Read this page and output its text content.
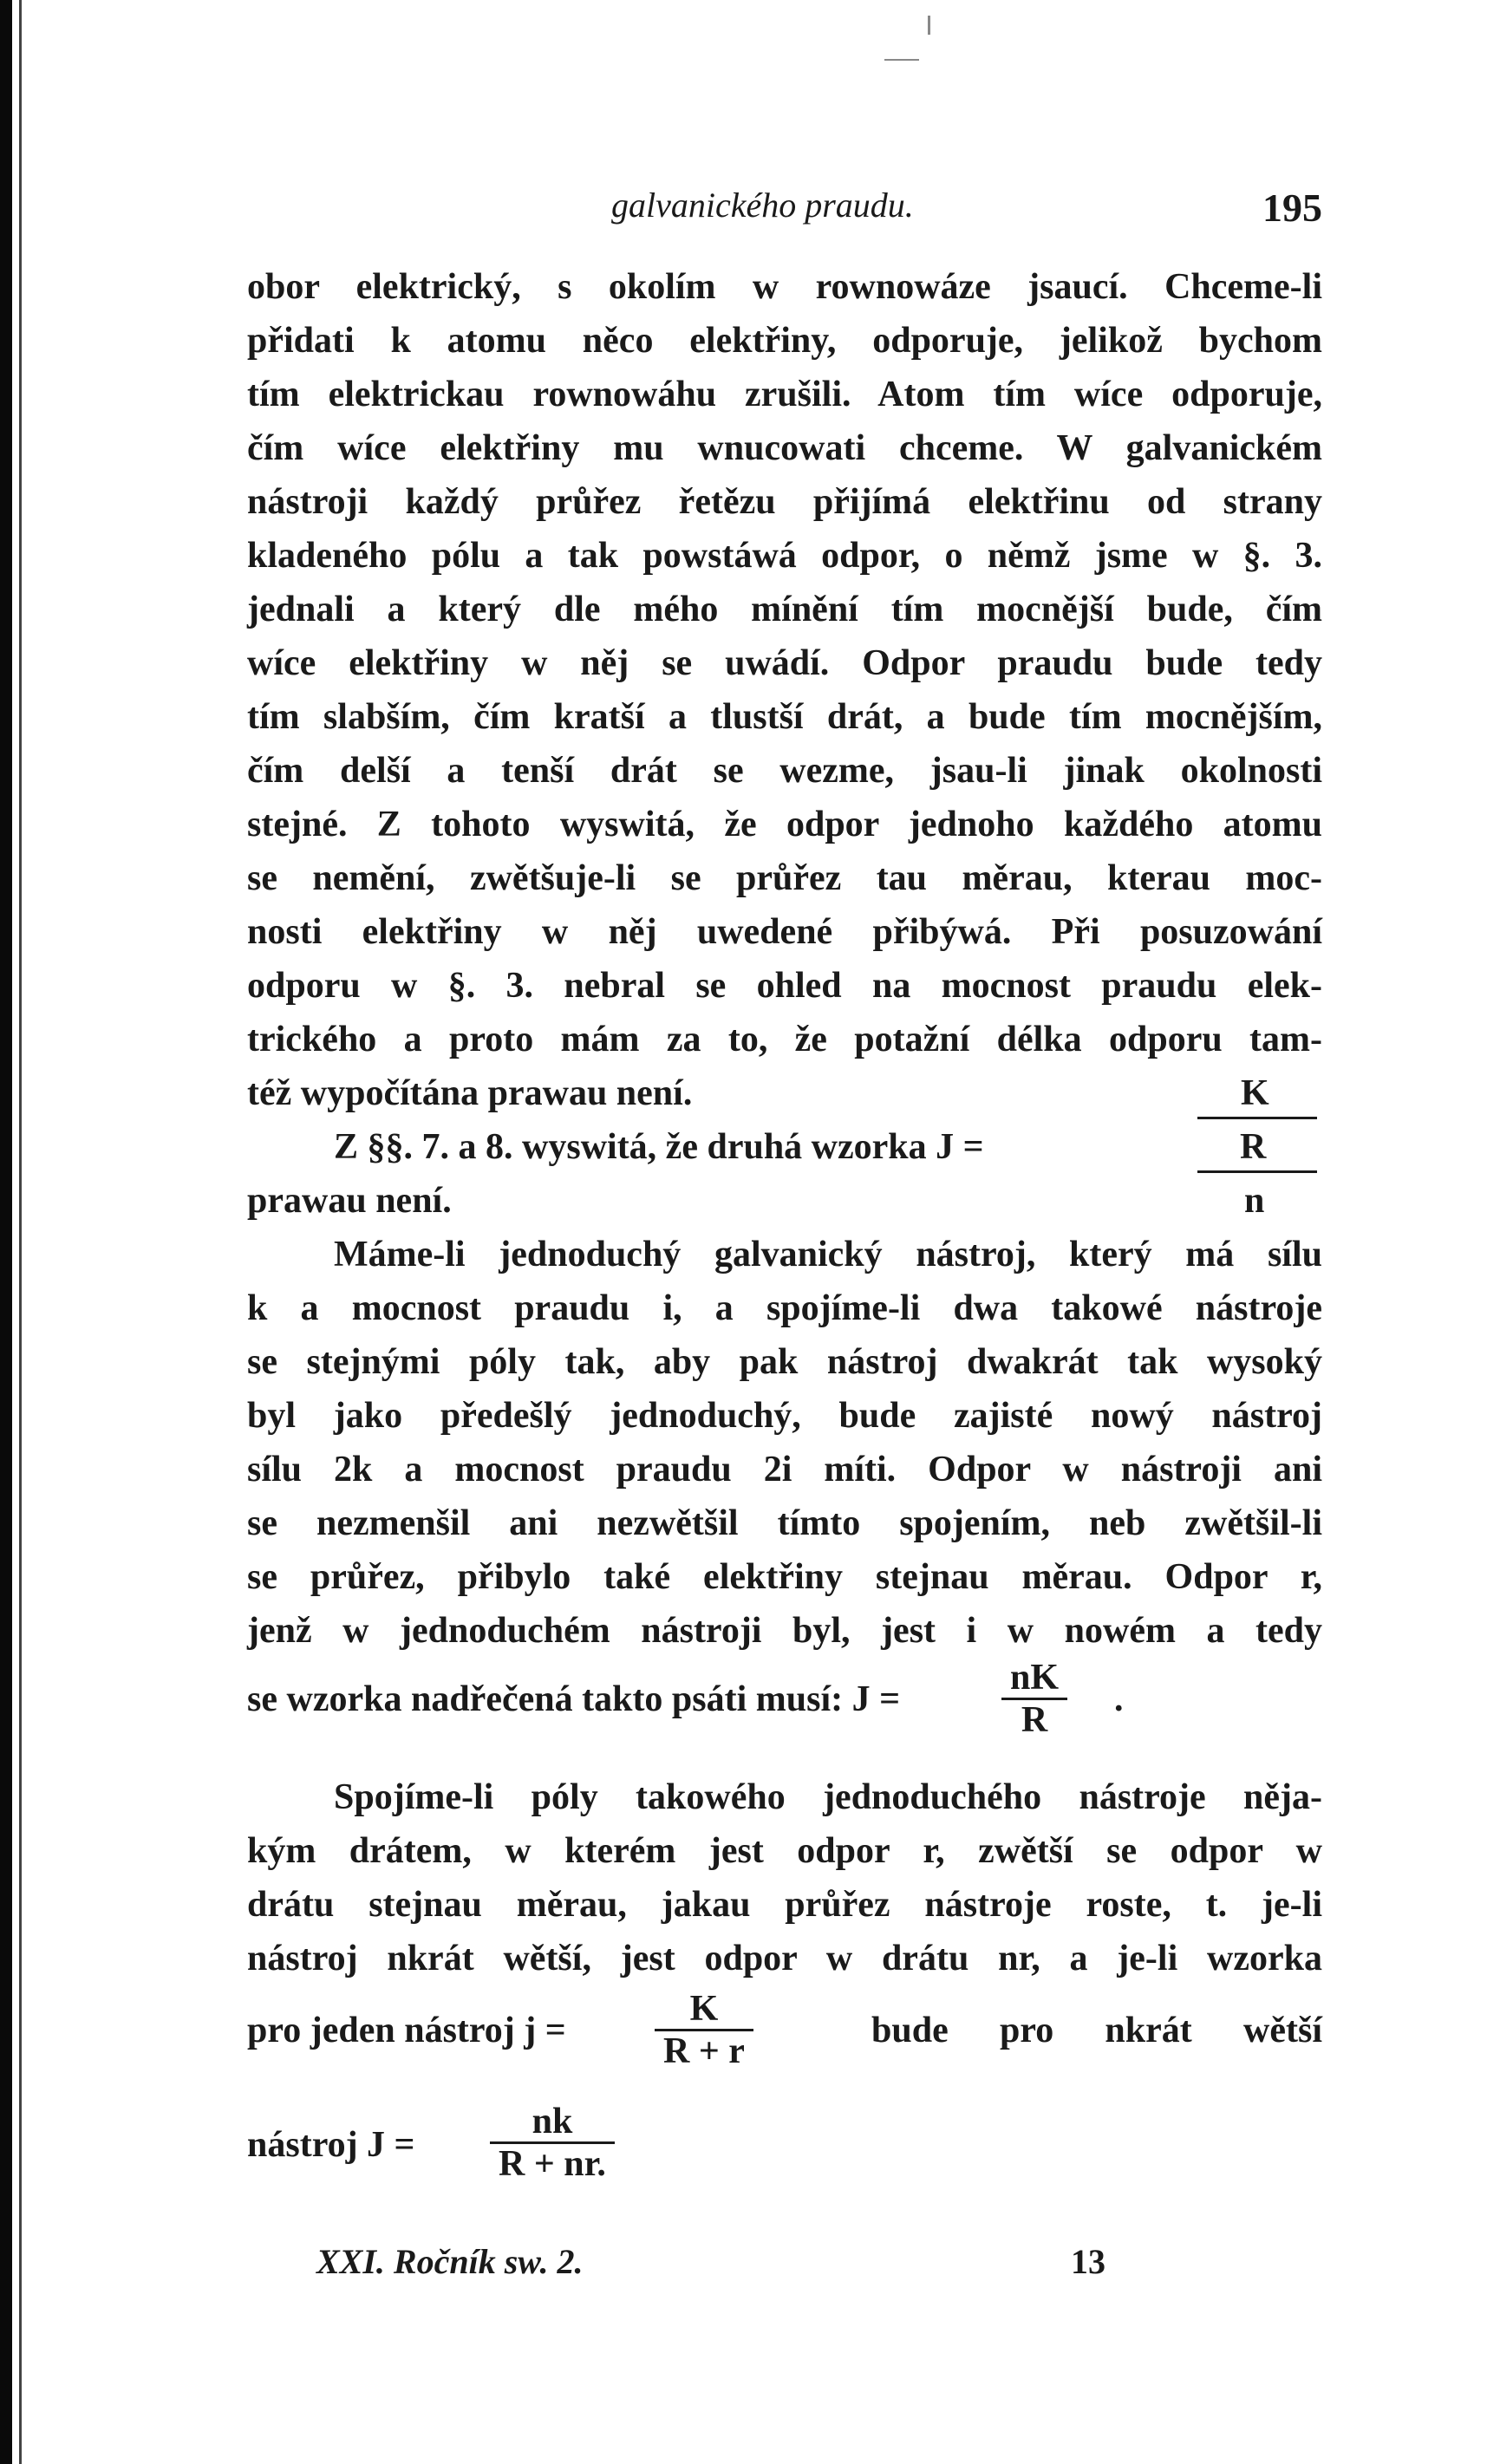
galvanického praudu.	195
obor elektrický, s okolím w rownowáze jsaucí. Chceme-li
přidati k atomu něco elektřiny, odporuje, jelikož bychom
tím elektrickau rownowáhu zrušili. Atom tím wíce odporuje,
čím wíce elektřiny mu wnucowati chceme. W galvanickém
nástroji každý průřez řetězu přijímá elektřinu od strany
kladeného pólu a tak powstáwá odpor, o němž jsme w §. 3.
jednali a který dle mého mínění tím mocnější bude, čím
wíce elektřiny w něj se uwádí. Odpor praudu bude tedy
tím slabším, čím kratší a tlustší drát, a bude tím mocnějším,
čím delší a tenší drát se wezme, jsau-li jinak okolnosti
stejné. Z tohoto wyswitá, že odpor jednoho každého atomu
se nemění, zwětšuje-li se průřez tau měrau, kterau moc-
nosti elektřiny w něj uwedené přibýwá. Při posuzowání
odporu w §. 3. nebral se ohled na mocnost praudu elek-
trického a proto mám za to, že potažní délka odporu tam-
též wypočítána prawau není.	K
Z §§. 7. a 8. wyswitá, že druhá wzorka J =	R
prawau není.	n
Máme-li jednoduchý galvanický nástroj, který má sílu
k a mocnost praudu i, a spojíme-li dwa takowé nástroje
se stejnými póly tak, aby pak nástroj dwakrát tak wysoký
byl jako předešlý jednoduchý, bude zajisté nowý nástroj
sílu 2k a mocnost praudu 2i míti. Odpor w nástroji ani
se nezmenšil ani nezwětšil tímto spojením, neb zwětšil-li
se průřez, přibylo také elektřiny stejnau měrau. Odpor r,
jenž w jednoduchém nástroji byl, jest i w nowém a tedy
se wzorka nadřečená takto psáti musí: J =	$\frac{nK}{R}$ .
Spojíme-li póly takowého jednoduchého nástroje něja-
kým drátem, w kterém jest odpor r, zwětší se odpor w
drátu stejnau měrau, jakau průřez nástroje roste, t. je-li
nástroj nkrát wětší, jest odpor w drátu nr, a je-li wzorka
pro jeden nástroj $j = \frac{K}{R + r}$	bude pro nkrát wětší
nástroj $J = \frac{nk}{R + nr.}$
XXI. Ročník sw. 2.	13
